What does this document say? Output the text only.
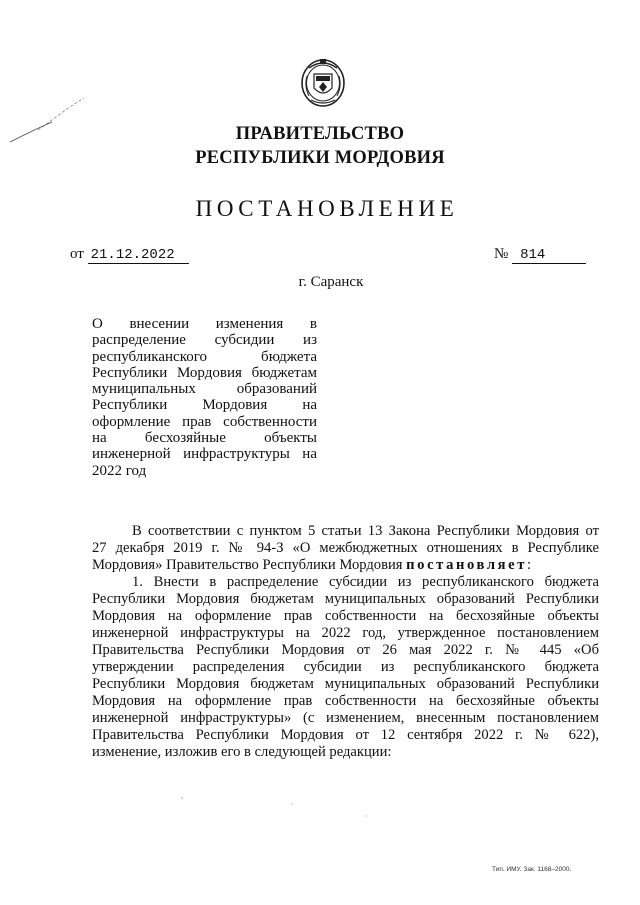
ПРАВИТЕЛЬСТВО
РЕСПУБЛИКИ МОРДОВИЯ
ПОСТАНОВЛЕНИЕ
от 21.12.2022	№ 814
г. Саранск
О внесении изменения в
распределение субсидии из
республиканского бюджета
Республики Мордовия бюджетам
муниципальных образований
Республики Мордовия на
оформление прав собственности
на бесхозяйные объекты
инженерной инфраструктуры на
2022 год
В соответствии с пунктом 5 статьи 13 Закона Республики Мордовия от
27 декабря 2019 г. № 94-З «О межбюджетных отношениях в Республике
Мордовия» Правительство Республики Мордовия постановляет:
1. Внести в распределение субсидии из республиканского бюджета
Республики Мордовия бюджетам муниципальных образований Республики
Мордовия на оформление прав собственности на бесхозяйные объекты
инженерной инфраструктуры на 2022 год, утвержденное постановлением
Правительства Республики Мордовия от 26 мая 2022 г. № 445 «Об
утверждении распределения субсидии из республиканского бюджета
Республики Мордовия бюджетам муниципальных образований Республики
Мордовия на оформление прав собственности на бесхозяйные объекты
инженерной инфраструктуры» (с изменением, внесенным постановлением
Правительства Республики Мордовия от 12 сентября 2022 г. № 622),
изменение, изложив его в следующей редакции:
Тип. ИМУ. Зак. 1168–2000.
